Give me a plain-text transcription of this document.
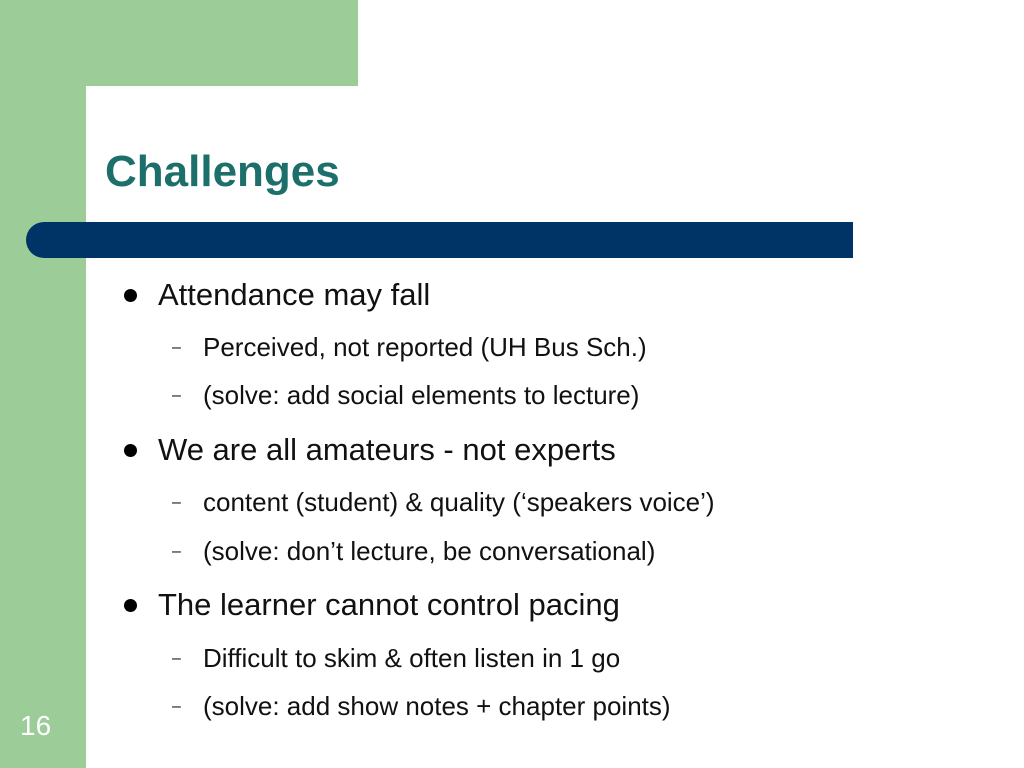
Challenges
Attendance may fall
– Perceived, not reported (UH Bus Sch.)
– (solve: add social elements to lecture)
We are all amateurs - not experts
– content (student) & quality (‘speakers voice’)
– (solve: don’t lecture, be conversational)
The learner cannot control pacing
– Difficult to skim & often listen in 1 go
– (solve: add show notes + chapter points)
16
